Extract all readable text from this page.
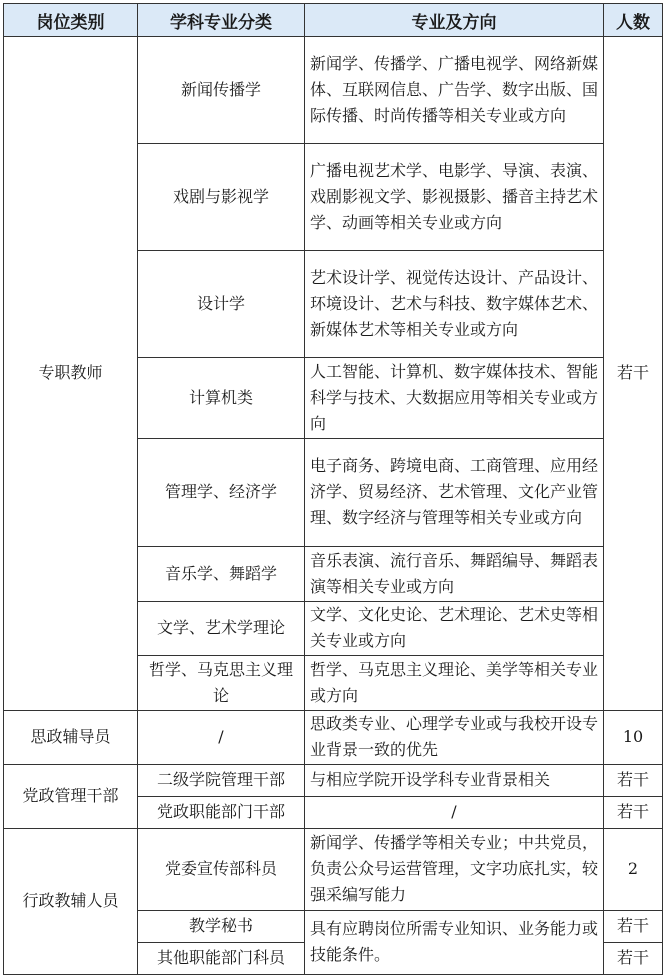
岗位类别	学科专业分类	专业及方向	人数
专职教师	新闻传播学	新闻学、传播学、广播电视学、网络新媒体、互联网信息、广告学、数字出版、国际传播、时尚传播等相关专业或方向	若干
	戏剧与影视学	广播电视艺术学、电影学、导演、表演、戏剧影视文学、影视摄影、播音主持艺术学、动画等相关专业或方向	
	设计学	艺术设计学、视觉传达设计、产品设计、环境设计、艺术与科技、数字媒体艺术、新媒体艺术等相关专业或方向	
	计算机类	人工智能、计算机、数字媒体技术、智能科学与技术、大数据应用等相关专业或方向	
	管理学、经济学	电子商务、跨境电商、工商管理、应用经济学、贸易经济、艺术管理、文化产业管理、数字经济与管理等相关专业或方向	
	音乐学、舞蹈学	音乐表演、流行音乐、舞蹈编导、舞蹈表演等相关专业或方向	
	文学、艺术学理论	文学、文化史论、艺术理论、艺术史等相关专业或方向	
	哲学、马克思主义理论	哲学、马克思主义理论、美学等相关专业或方向	
思政辅导员	/	思政类专业、心理学专业或与我校开设专业背景一致的优先	10
党政管理干部	二级学院管理干部	与相应学院开设学科专业背景相关	若干
	党政职能部门干部	/	若干
行政教辅人员	党委宣传部科员	新闻学、传播学等相关专业；中共党员，负责公众号运营管理，文字功底扎实，较强采编写能力	2
	教学秘书	具有应聘岗位所需专业知识、业务能力或技能条件。	若干
	其他职能部门科员		若干
